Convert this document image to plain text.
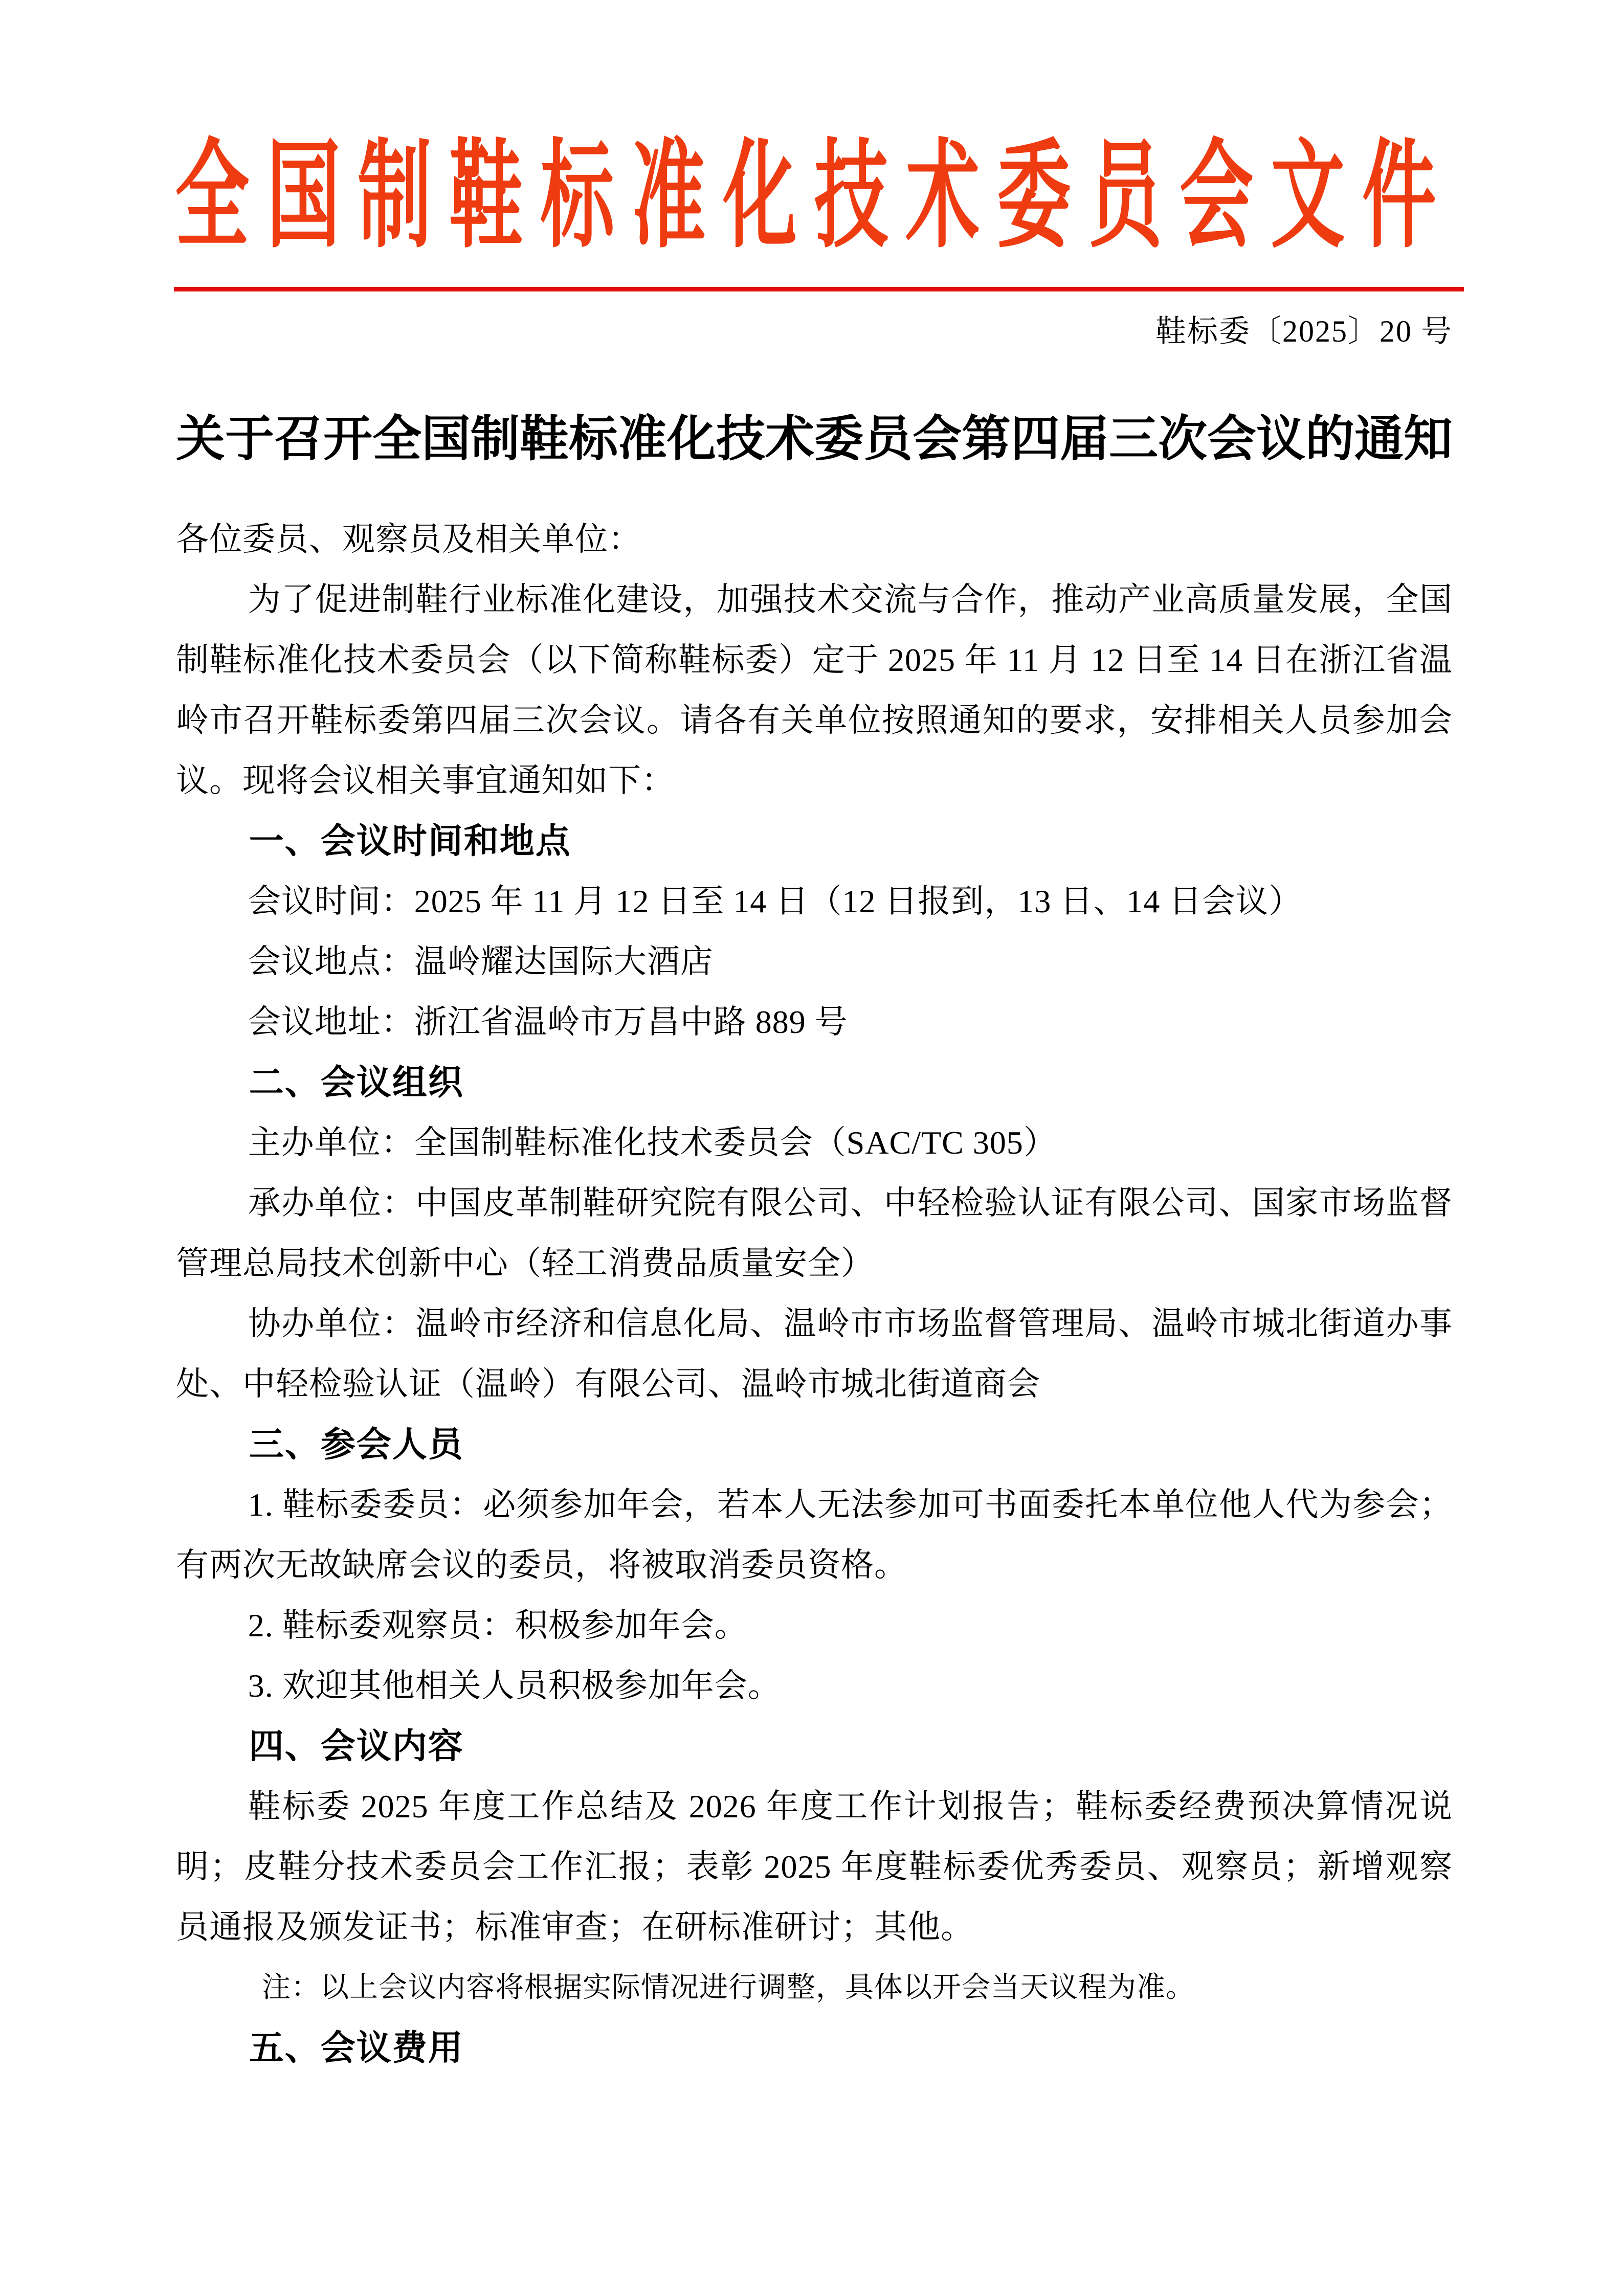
全国制鞋标准化技术委员会文件
鞋标委〔2025〕20 号
关于召开全国制鞋标准化技术委员会第四届三次会议的通知

各位委员、观察员及相关单位：

为了促进制鞋行业标准化建设，加强技术交流与合作，推动产业高质量发展，全国制鞋标准化技术委员会（以下简称鞋标委）定于 2025 年 11 月 12 日至 14 日在浙江省温岭市召开鞋标委第四届三次会议。请各有关单位按照通知的要求，安排相关人员参加会议。现将会议相关事宜通知如下：

一、会议时间和地点

会议时间：2025 年 11 月 12 日至 14 日（12 日报到，13 日、14 日会议）

会议地点：温岭耀达国际大酒店

会议地址：浙江省温岭市万昌中路 889 号

二、会议组织

主办单位：全国制鞋标准化技术委员会（SAC/TC 305）

承办单位：中国皮革制鞋研究院有限公司、中轻检验认证有限公司、国家市场监督管理总局技术创新中心（轻工消费品质量安全）

协办单位：温岭市经济和信息化局、温岭市市场监督管理局、温岭市城北街道办事处、中轻检验认证（温岭）有限公司、温岭市城北街道商会

三、参会人员

1. 鞋标委委员：必须参加年会，若本人无法参加可书面委托本单位他人代为参会；有两次无故缺席会议的委员，将被取消委员资格。

2. 鞋标委观察员：积极参加年会。

3. 欢迎其他相关人员积极参加年会。

四、会议内容

鞋标委 2025 年度工作总结及 2026 年度工作计划报告；鞋标委经费预决算情况说明；皮鞋分技术委员会工作汇报；表彰 2025 年度鞋标委优秀委员、观察员；新增观察员通报及颁发证书；标准审查；在研标准研讨；其他。

注：以上会议内容将根据实际情况进行调整，具体以开会当天议程为准。

五、会议费用
